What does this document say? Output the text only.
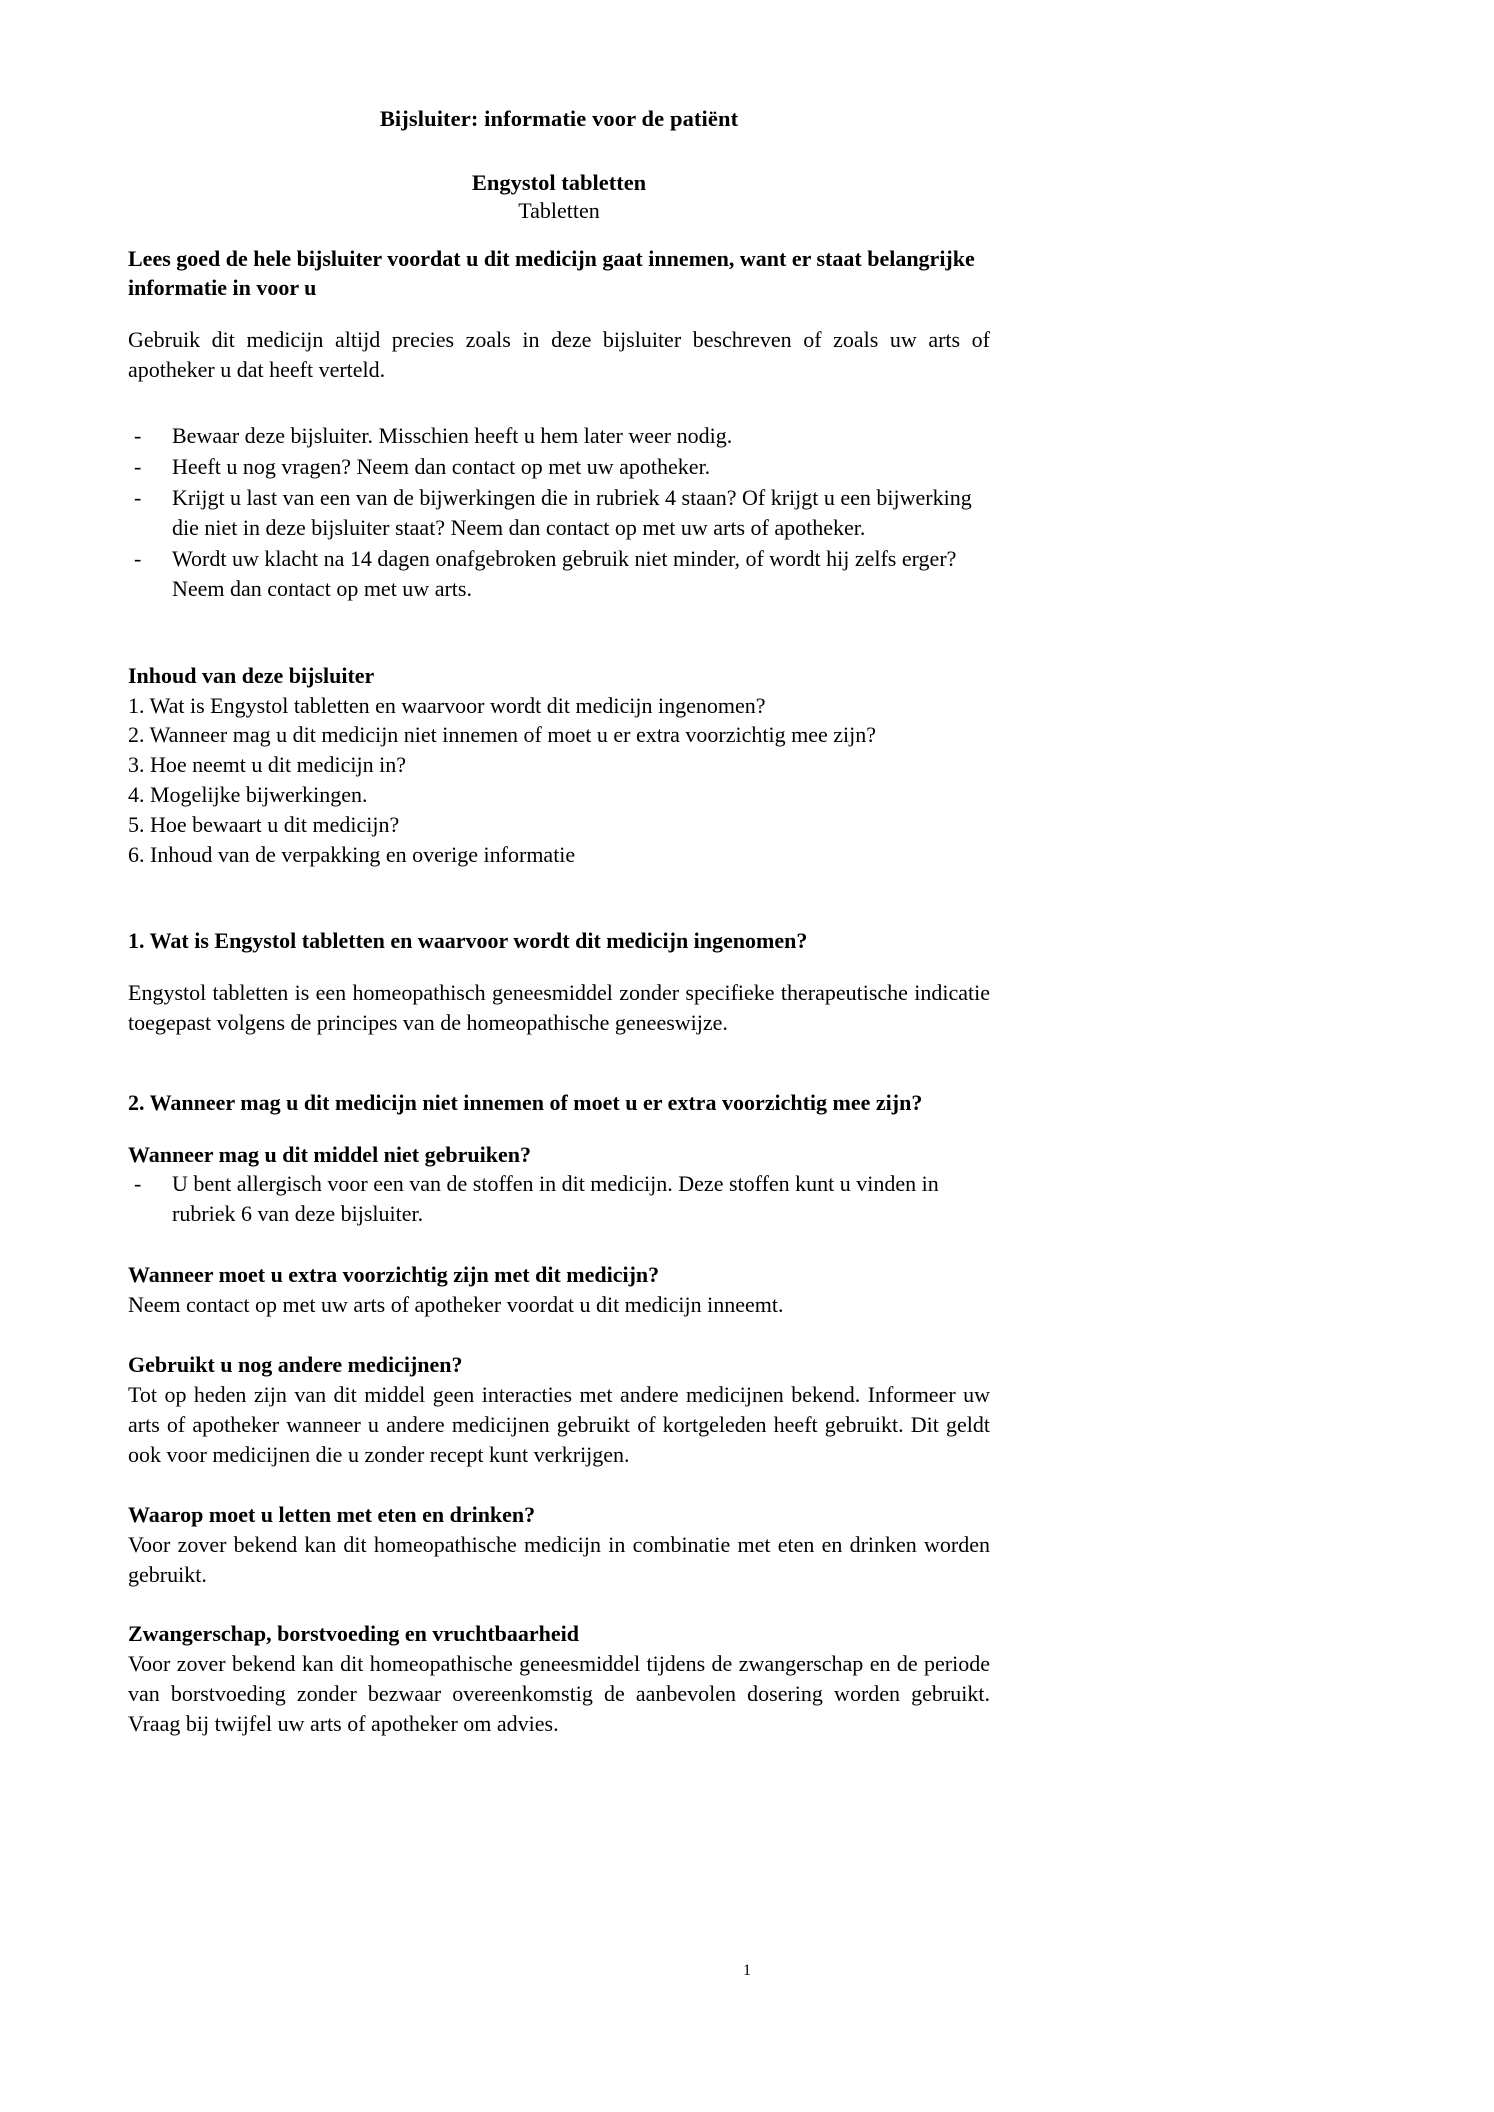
Bijsluiter: informatie voor de patiënt
Engystol tabletten
Tabletten
Lees goed de hele bijsluiter voordat u dit medicijn gaat innemen, want er staat belangrijke informatie in voor u

Gebruik dit medicijn altijd precies zoals in deze bijsluiter beschreven of zoals uw arts of apotheker u dat heeft verteld.

-	Bewaar deze bijsluiter. Misschien heeft u hem later weer nodig.
-	Heeft u nog vragen? Neem dan contact op met uw apotheker.
-	Krijgt u last van een van de bijwerkingen die in rubriek 4 staan? Of krijgt u een bijwerking die niet in deze bijsluiter staat? Neem dan contact op met uw arts of apotheker.
-	Wordt uw klacht na 14 dagen onafgebroken gebruik niet minder, of wordt hij zelfs erger? Neem dan contact op met uw arts.
Inhoud van deze bijsluiter
1. Wat is Engystol tabletten en waarvoor wordt dit medicijn ingenomen?
2. Wanneer mag u dit medicijn niet innemen of moet u er extra voorzichtig mee zijn?
3. Hoe neemt u dit medicijn in?
4. Mogelijke bijwerkingen.
5. Hoe bewaart u dit medicijn?
6. Inhoud van de verpakking en overige informatie
1. Wat is Engystol tabletten en waarvoor wordt dit medicijn ingenomen?

Engystol tabletten is een homeopathisch geneesmiddel zonder specifieke therapeutische indicatie toegepast volgens de principes van de homeopathische geneeswijze.

2. Wanneer mag u dit medicijn niet innemen of moet u er extra voorzichtig mee zijn?
Wanneer mag u dit middel niet gebruiken?
-	U bent allergisch voor een van de stoffen in dit medicijn. Deze stoffen kunt u vinden in rubriek 6 van deze bijsluiter.
Wanneer moet u extra voorzichtig zijn met dit medicijn?

Neem contact op met uw arts of apotheker voordat u dit medicijn inneemt.

Gebruikt u nog andere medicijnen?

Tot op heden zijn van dit middel geen interacties met andere medicijnen bekend. Informeer uw arts of apotheker wanneer u andere medicijnen gebruikt of kortgeleden heeft gebruikt. Dit geldt ook voor medicijnen die u zonder recept kunt verkrijgen.

Waarop moet u letten met eten en drinken?

Voor zover bekend kan dit homeopathische medicijn in combinatie met eten en drinken worden gebruikt.

Zwangerschap, borstvoeding en vruchtbaarheid

Voor zover bekend kan dit homeopathische geneesmiddel tijdens de zwangerschap en de periode van borstvoeding zonder bezwaar overeenkomstig de aanbevolen dosering worden gebruikt. Vraag bij twijfel uw arts of apotheker om advies.

1
